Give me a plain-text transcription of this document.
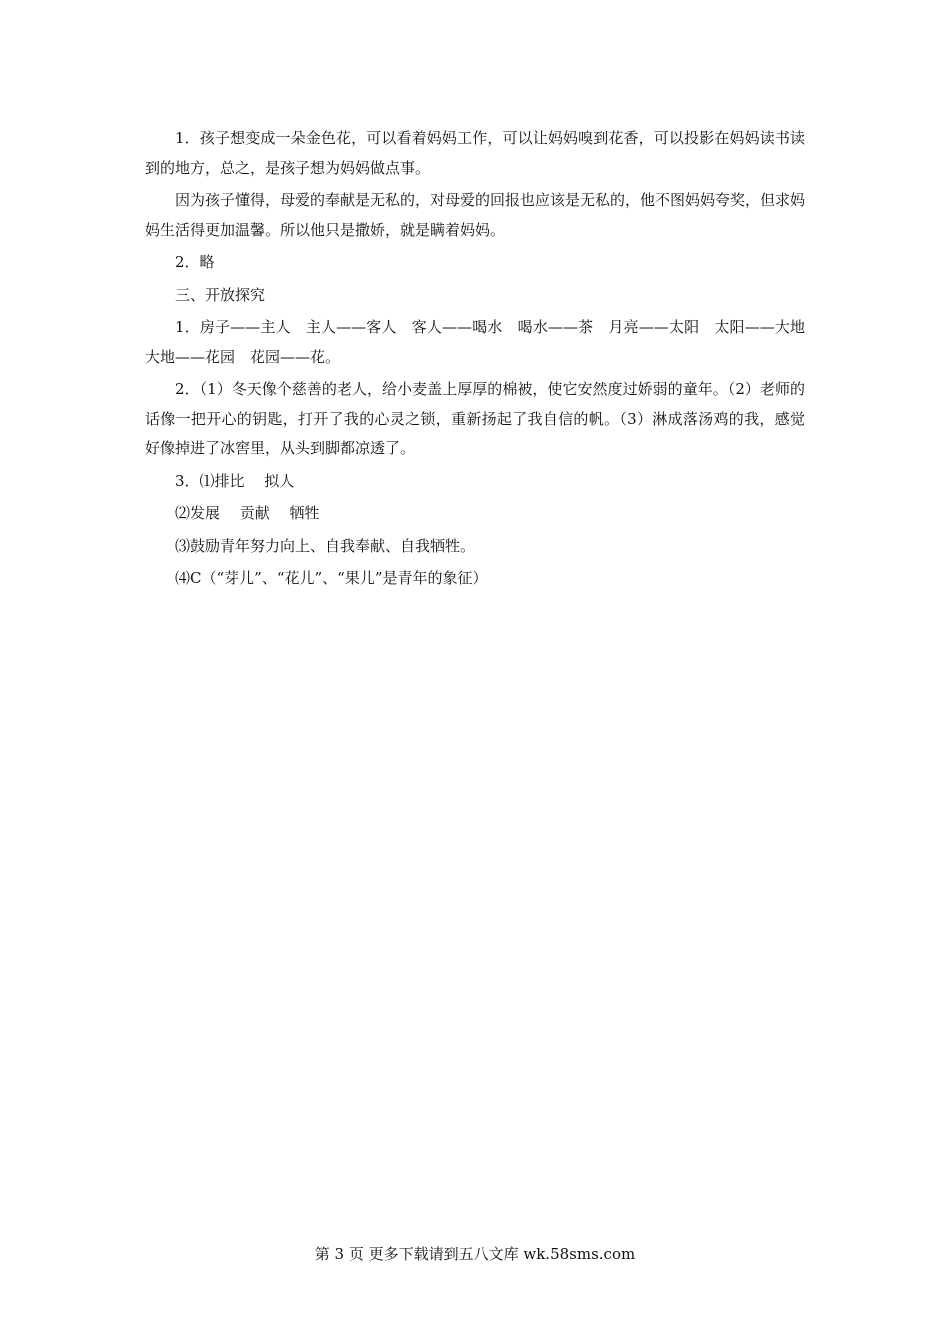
1．孩子想变成一朵金色花，可以看着妈妈工作，可以让妈妈嗅到花香，可以投影在妈妈读书读到的地方，总之，是孩子想为妈妈做点事。

因为孩子懂得，母爱的奉献是无私的，对母爱的回报也应该是无私的，他不图妈妈夸奖，但求妈妈生活得更加温馨。所以他只是撒娇，就是瞒着妈妈。

2．略

三、开放探究

1．房子——主人　主人——客人　客人——喝水　喝水——茶　月亮——太阳　太阳——大地　大地——花园　花园——花。

2．（1）冬天像个慈善的老人，给小麦盖上厚厚的棉被，使它安然度过娇弱的童年。（2）老师的话像一把开心的钥匙，打开了我的心灵之锁，重新扬起了我自信的帆。（3）淋成落汤鸡的我，感觉好像掉进了冰窖里，从头到脚都凉透了。

3．⑴排比　 拟人

⑵发展　 贡献　 牺牲

⑶鼓励青年努力向上、自我奉献、自我牺牲。

⑷C（“芽儿”、“花儿”、“果儿”是青年的象征）

第 3 页 更多下载请到五八文库 wk.58sms.com
